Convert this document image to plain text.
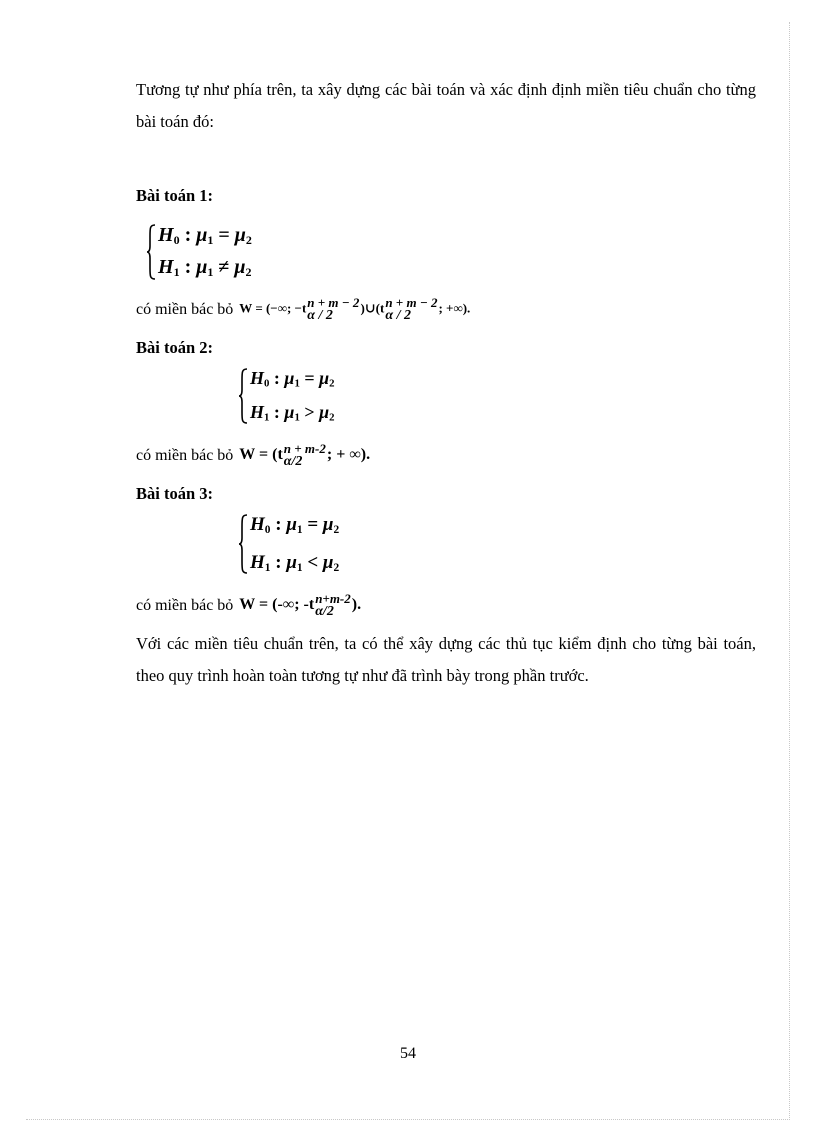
Tương tự như phía trên, ta xây dựng các bài toán và xác định định miền tiêu chuẩn cho từng bài toán đó:

Bài toán 1:
$H_0$ : $\mu_1 = \mu_2$
$H_1$ : $\mu_1 \ne \mu_2$
có miền bác bỏ W = (−∞; −t n + m − 2
α / 2
)∪(t n + m − 2
α / 2
; +∞).
Bài toán 2:
$H_0$ : $\mu_1 = \mu_2$
$H_1$ : $\mu_1 > \mu_2$
có miền bác bỏ W = (t n + m-2
α/2	; + ∞).
Bài toán 3:
$H_0$ : $\mu_1 = \mu_2$
$H_1$ : $\mu_1 < \mu_2$
có miền bác bỏ W = (-∞; -t n+m-2
α/2	).

Với các miền tiêu chuẩn trên, ta có thể xây dựng các thủ tục kiểm định cho từng bài toán, theo quy trình hoàn toàn tương tự như đã trình bày trong phần trước.

54
